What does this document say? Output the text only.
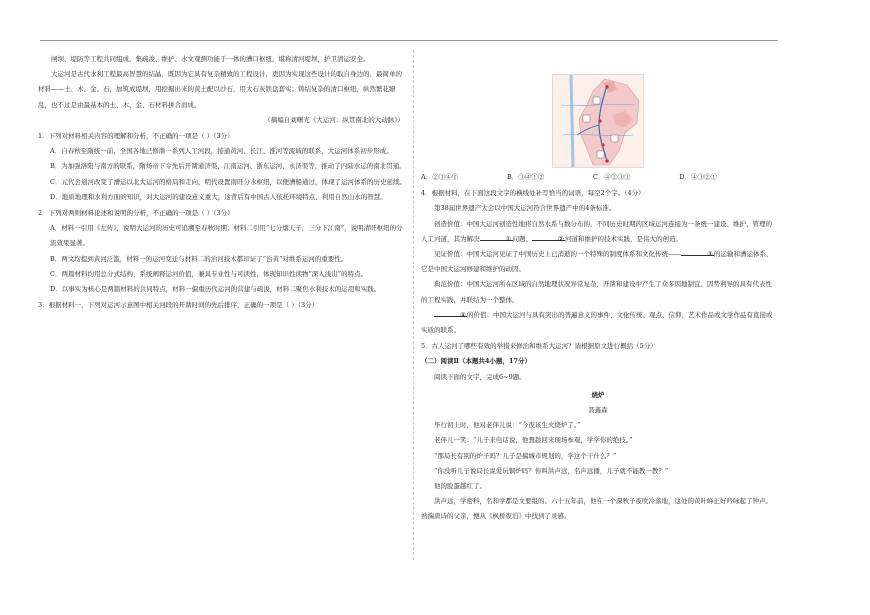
闸坝、堤防等工程共同组成，集疏浚、维护、水文观测功能于一体的漕口枢纽，堪称清河堤坝，护卫清运安全。

大运河是古代水利工程最高智慧的结晶，既因为它具有复杂精致的工程设计，更因为实现这些设计的取自身边的、最简单的材料——土、木、金、石，加筑成堤坝，用挖掘出来的黄土配以沙石，用大石灰铁盘套实；铸结复杂的清口枢纽，纵然繁花缭乱，也不过是由最基本的土、木、金、石材料拼合而成。

（摘编自刘曙光《大运河：纵贯南北的大动脉》）

1．下列对材料相关内容的理解和分析，不正确的一项是（ ）（3分）

A．自春秋至隋统一前，全国各地已修凿一系列人工河段，接通黄河、长江、淮河等流域的联系，大运河体系初步形成。

B．为加强洛阳与南方的联系，隋炀帝下令先后开凿通济渠、江南运河、浙东运河、永济渠等，推动了内陆水运的南北贯通。

C．元代会通河改变了漕运以北大运河的格局和走向，明代设置南旺分水枢纽，以便漕船通过，体现了运河体系的历史延续。

D．地质地理和水利方面的知识，对大运河的建设意义重大，这背后有中国古人依托环境特点、利用自然山水的智慧。

2．下列对两则材料论述和说明的分析，不正确的一项是（ ）（3分）

A．材料一引用《左传》，说明大运河的历史可追溯至春秋时期；材料二引用“七分烟天子，三分下江南”，说明清旺枢纽的分流效果显著。

B．两文均提到黄河泛滥，材料一的运河变迁与材料二的治河技术都印证了“治黄”对维系运河的重要性。

C．两篇材料均用总分式结构，系统阐释运河价值，兼具专业性与可读性，体现知识性读物“深入浅出”的特点。

D．以事实为核心是两篇材料的共同特点，材料一偏重历代运河的营建与疏浚，材料二聚焦水利技术的运用和实践。

3．根据材料一，下列对运河示意图中相关河段的开凿时间的先后排序，正确的一项是（ ）（3分）

A．②③④①	B．③④①②	C．④②③①	D．④③②①

4．根据材料，在下面这段文字的横线处补写恰当的词语，每空2个字。（4分）

第38届世界遗产大会以中国大运河符合世界遗产中的4条标准。

创造价值：中国大运河创造性地将自然水系与数分布的，不同历史时期的区域运河连接为一条统一建设、维护、管理的人工河道，其为解决	①问题、	②河道和维护的技术实践，是伟大的创造。

见证价值：中国大运河见证了中国历史上已消逝的一个特殊的制度体系和文化传统——	③的运输和漕运体系，它是中国大运河修建和维护的动因。

典范价值：中国大运河所在区域的自然地理状况异常复杂，开凿和建设中产生了众多因地制宜、因势利导的具有代表性的工程实践，并联结为一个整体。

④的价值：中国大运河与具有突出的普遍意义的事件、文化传统、观点、信仰、艺术作品或文学作品有直接或实质的联系。

5．古人运河了哪些有效的举措来修治和维系大运河？请根据原文进行概括（5分）

（二）阅读Ⅱ（本题共4小题，17分）

阅读下面的文字，完成6~9题。

烧炉

聂鑫森

毕行初上时，他对老伴儿说：“今夜该生火烧炉了。”

老伴儿一笑：“儿子来电话说，他想趁回来现场参观，学学你的绝技。”

“那局长有别的炉子吗？儿子是搞城市规划的，学这个干什么？”

“你没听儿子说局长说爱玩铜炉吗？你叫洪声远，名声远播，儿子就不能教一教？”

他的脸蛋越红了。

洪声远，学密科，名和学都是文要组的。六十五年前，他在一个深秋子夜吹冷落地，这处的黄叶峰正好吟咏起了钟声。熟揣唐诗的父亲，便从《枫桥夜泊》中找到了灵感。
